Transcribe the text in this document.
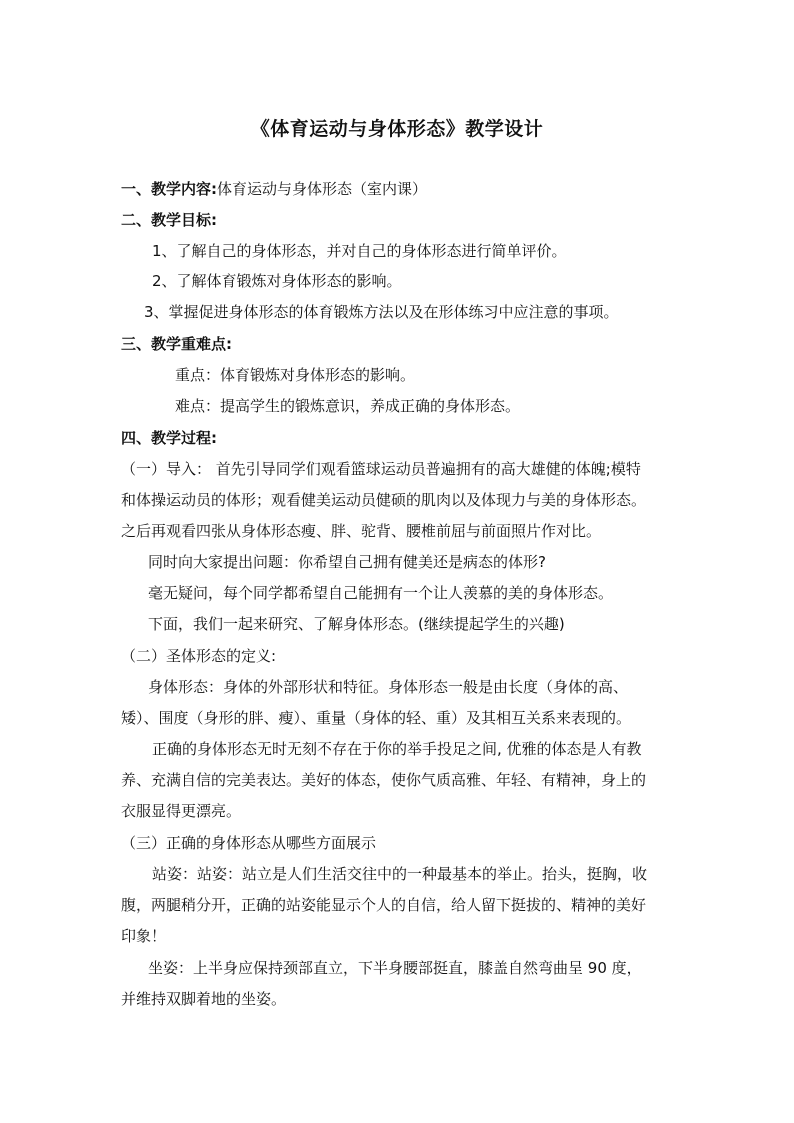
《体育运动与身体形态》教学设计
一、教学内容:体育运动与身体形态（室内课）
二、教学目标:
1、了解自己的身体形态，并对自己的身体形态进行简单评价。
2、了解体育锻炼对身体形态的影响。
3、掌握促进身体形态的体育锻炼方法以及在形体练习中应注意的事项。
三、教学重难点:
重点：体育锻炼对身体形态的影响。
难点：提高学生的锻炼意识，养成正确的身体形态。
四、教学过程:
（一）导入： 首先引导同学们观看篮球运动员普遍拥有的高大雄健的体魄;模特
和体操运动员的体形；观看健美运动员健硕的肌肉以及体现力与美的身体形态。
之后再观看四张从身体形态瘦、胖、驼背、腰椎前屈与前面照片作对比。
同时向大家提出问题：你希望自己拥有健美还是病态的体形?
毫无疑问，每个同学都希望自己能拥有一个让人羡慕的美的身体形态。
下面，我们一起来研究、了解身体形态。(继续提起学生的兴趣)
（二）圣体形态的定义:
身体形态：身体的外部形状和特征。身体形态一般是由长度（身体的高、
矮）、围度（身形的胖、瘦）、重量（身体的轻、重）及其相互关系来表现的。
正确的身体形态无时无刻不存在于你的举手投足之间, 优雅的体态是人有教
养、充满自信的完美表达。美好的体态，使你气质高雅、年轻、有精神，身上的
衣服显得更漂亮。
（三）正确的身体形态从哪些方面展示
站姿：站姿：站立是人们生活交往中的一种最基本的举止。抬头，挺胸，收
腹，两腿稍分开，正确的站姿能显示个人的自信，给人留下挺拔的、精神的美好
印象！
坐姿：上半身应保持颈部直立，下半身腰部挺直，膝盖自然弯曲呈 90 度，
并维持双脚着地的坐姿。
